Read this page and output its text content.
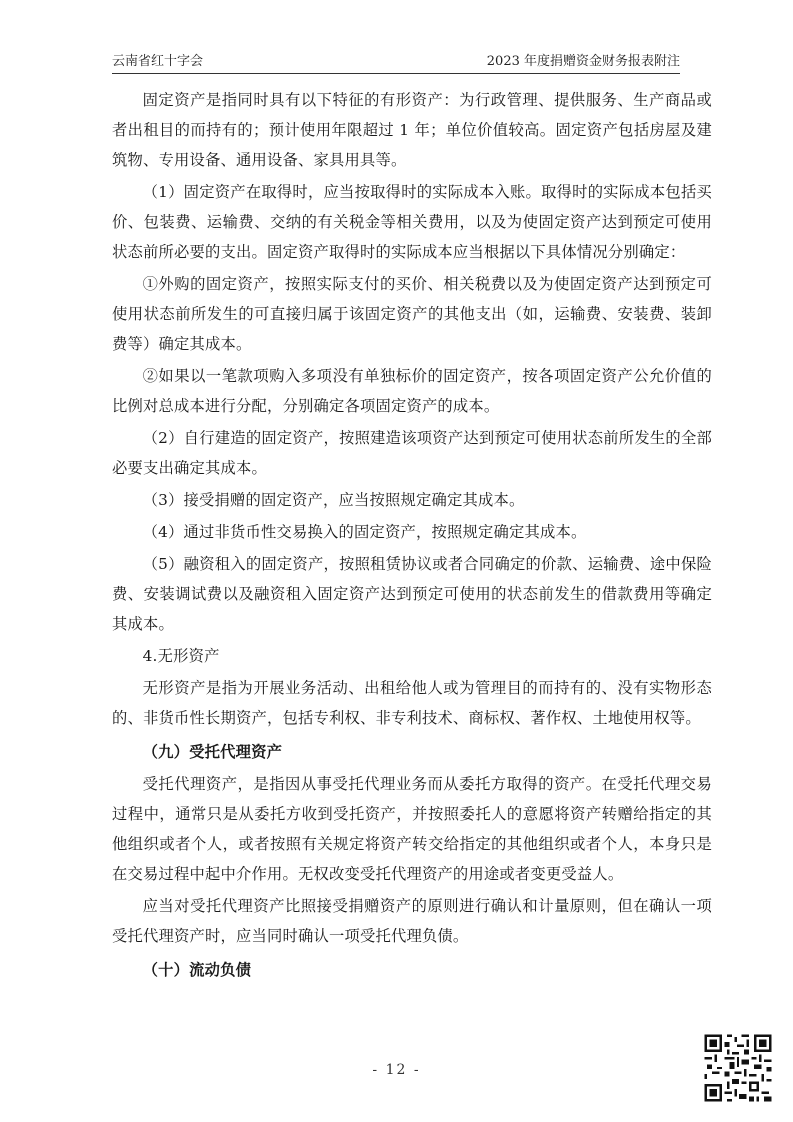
云南省红十字会	2023 年度捐赠资金财务报表附注

固定资产是指同时具有以下特征的有形资产：为行政管理、提供服务、生产商品或者出租目的而持有的；预计使用年限超过 1 年；单位价值较高。固定资产包括房屋及建筑物、专用设备、通用设备、家具用具等。

（1）固定资产在取得时，应当按取得时的实际成本入账。取得时的实际成本包括买价、包装费、运输费、交纳的有关税金等相关费用，以及为使固定资产达到预定可使用状态前所必要的支出。固定资产取得时的实际成本应当根据以下具体情况分别确定：

①外购的固定资产，按照实际支付的买价、相关税费以及为使固定资产达到预定可使用状态前所发生的可直接归属于该固定资产的其他支出（如，运输费、安装费、装卸费等）确定其成本。

②如果以一笔款项购入多项没有单独标价的固定资产，按各项固定资产公允价值的比例对总成本进行分配，分别确定各项固定资产的成本。

（2）自行建造的固定资产，按照建造该项资产达到预定可使用状态前所发生的全部必要支出确定其成本。

（3）接受捐赠的固定资产，应当按照规定确定其成本。

（4）通过非货币性交易换入的固定资产，按照规定确定其成本。

（5）融资租入的固定资产，按照租赁协议或者合同确定的价款、运输费、途中保险费、安装调试费以及融资租入固定资产达到预定可使用的状态前发生的借款费用等确定其成本。

4.无形资产

无形资产是指为开展业务活动、出租给他人或为管理目的而持有的、没有实物形态的、非货币性长期资产，包括专利权、非专利技术、商标权、著作权、土地使用权等。

（九）受托代理资产

受托代理资产，是指因从事受托代理业务而从委托方取得的资产。在受托代理交易过程中，通常只是从委托方收到受托资产，并按照委托人的意愿将资产转赠给指定的其他组织或者个人，或者按照有关规定将资产转交给指定的其他组织或者个人，本身只是在交易过程中起中介作用。无权改变受托代理资产的用途或者变更受益人。

应当对受托代理资产比照接受捐赠资产的原则进行确认和计量原则，但在确认一项受托代理资产时，应当同时确认一项受托代理负债。

（十）流动负债

- 12 -
